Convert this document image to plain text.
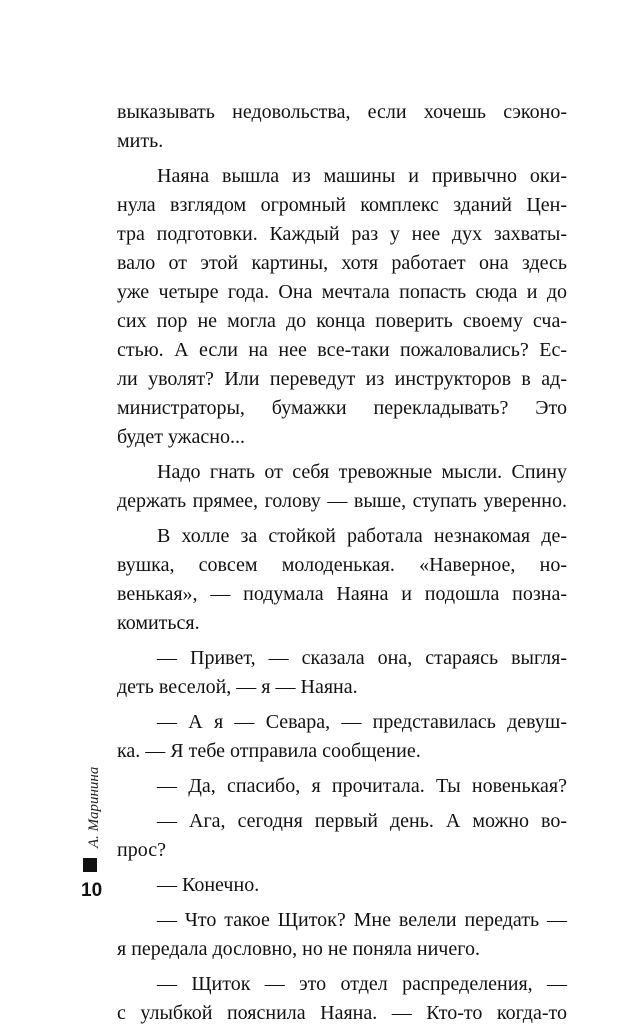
выказывать недовольства, если хочешь сэконо-
мить.
Наяна вышла из машины и привычно оки-
нула взглядом огромный комплекс зданий Цен-
тра подготовки. Каждый раз у нее дух захваты-
вало от этой картины, хотя работает она здесь
уже четыре года. Она мечтала попасть сюда и до
сих пор не могла до конца поверить своему сча-
стью. А если на нее все-таки пожаловались? Ес-
ли уволят? Или переведут из инструкторов в ад-
министраторы, бумажки перекладывать? Это
будет ужасно...
Надо гнать от себя тревожные мысли. Спину
держать прямее, голову — выше, ступать уверенно.
В холле за стойкой работала незнакомая де-
вушка, совсем молоденькая. «Наверное, но-
венькая», — подумала Наяна и подошла позна-
комиться.
— Привет, — сказала она, стараясь выгля-
деть веселой, — я — Наяна.
— А я — Севара, — представилась девуш-
ка. — Я тебе отправила сообщение.
— Да, спасибо, я прочитала. Ты новенькая?
— Ага, сегодня первый день. А можно во-
прос?
— Конечно.
— Что такое Щиток? Мне велели передать —
я передала дословно, но не поняла ничего.
— Щиток — это отдел распределения, —
с улыбкой пояснила Наяна. — Кто-то когда-то
А. Маринина
10
